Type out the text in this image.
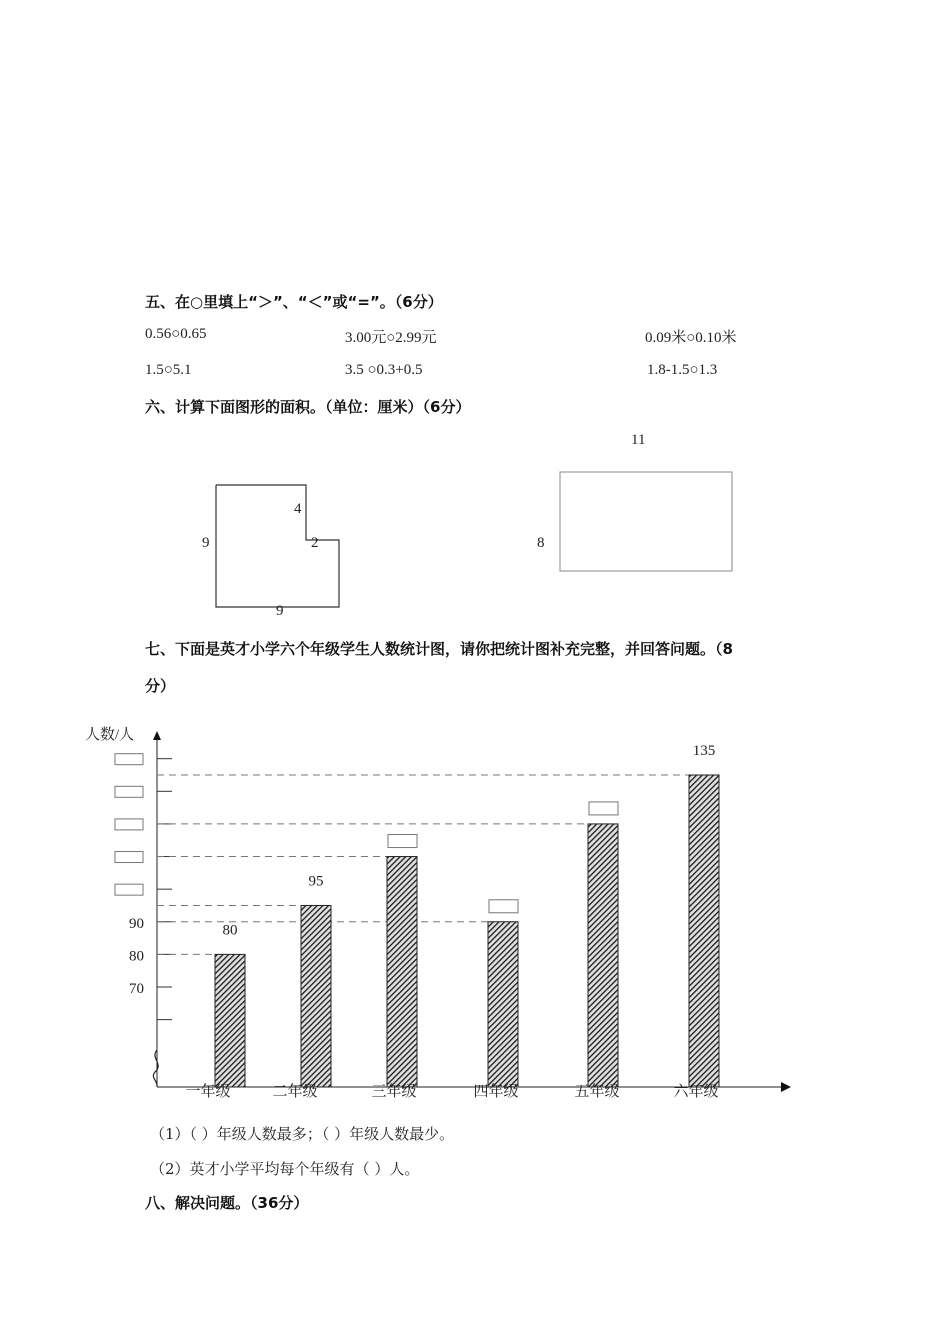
五、在○里填上“＞”、“＜”或“=”。（6分）
0.56○0.65	3.00元○2.99元	0.09米○0.10米
1.5○5.1	3.5 ○0.3+0.5	1.8-1.5○1.3
六、计算下面图形的面积。（单位：厘米）（6分）
9
9
4
2
11
8
七、下面是英才小学六个年级学生人数统计图，请你把统计图补充完整，并回答问题。（8
分）
人数/人
70
80
90	80
95
135
一年级	二年级	三年级	四年级	五年级	六年级
（1）（ ）年级人数最多；（ ）年级人数最少。
（2）英才小学平均每个年级有（ ）人。
八、解决问题。（36分）
